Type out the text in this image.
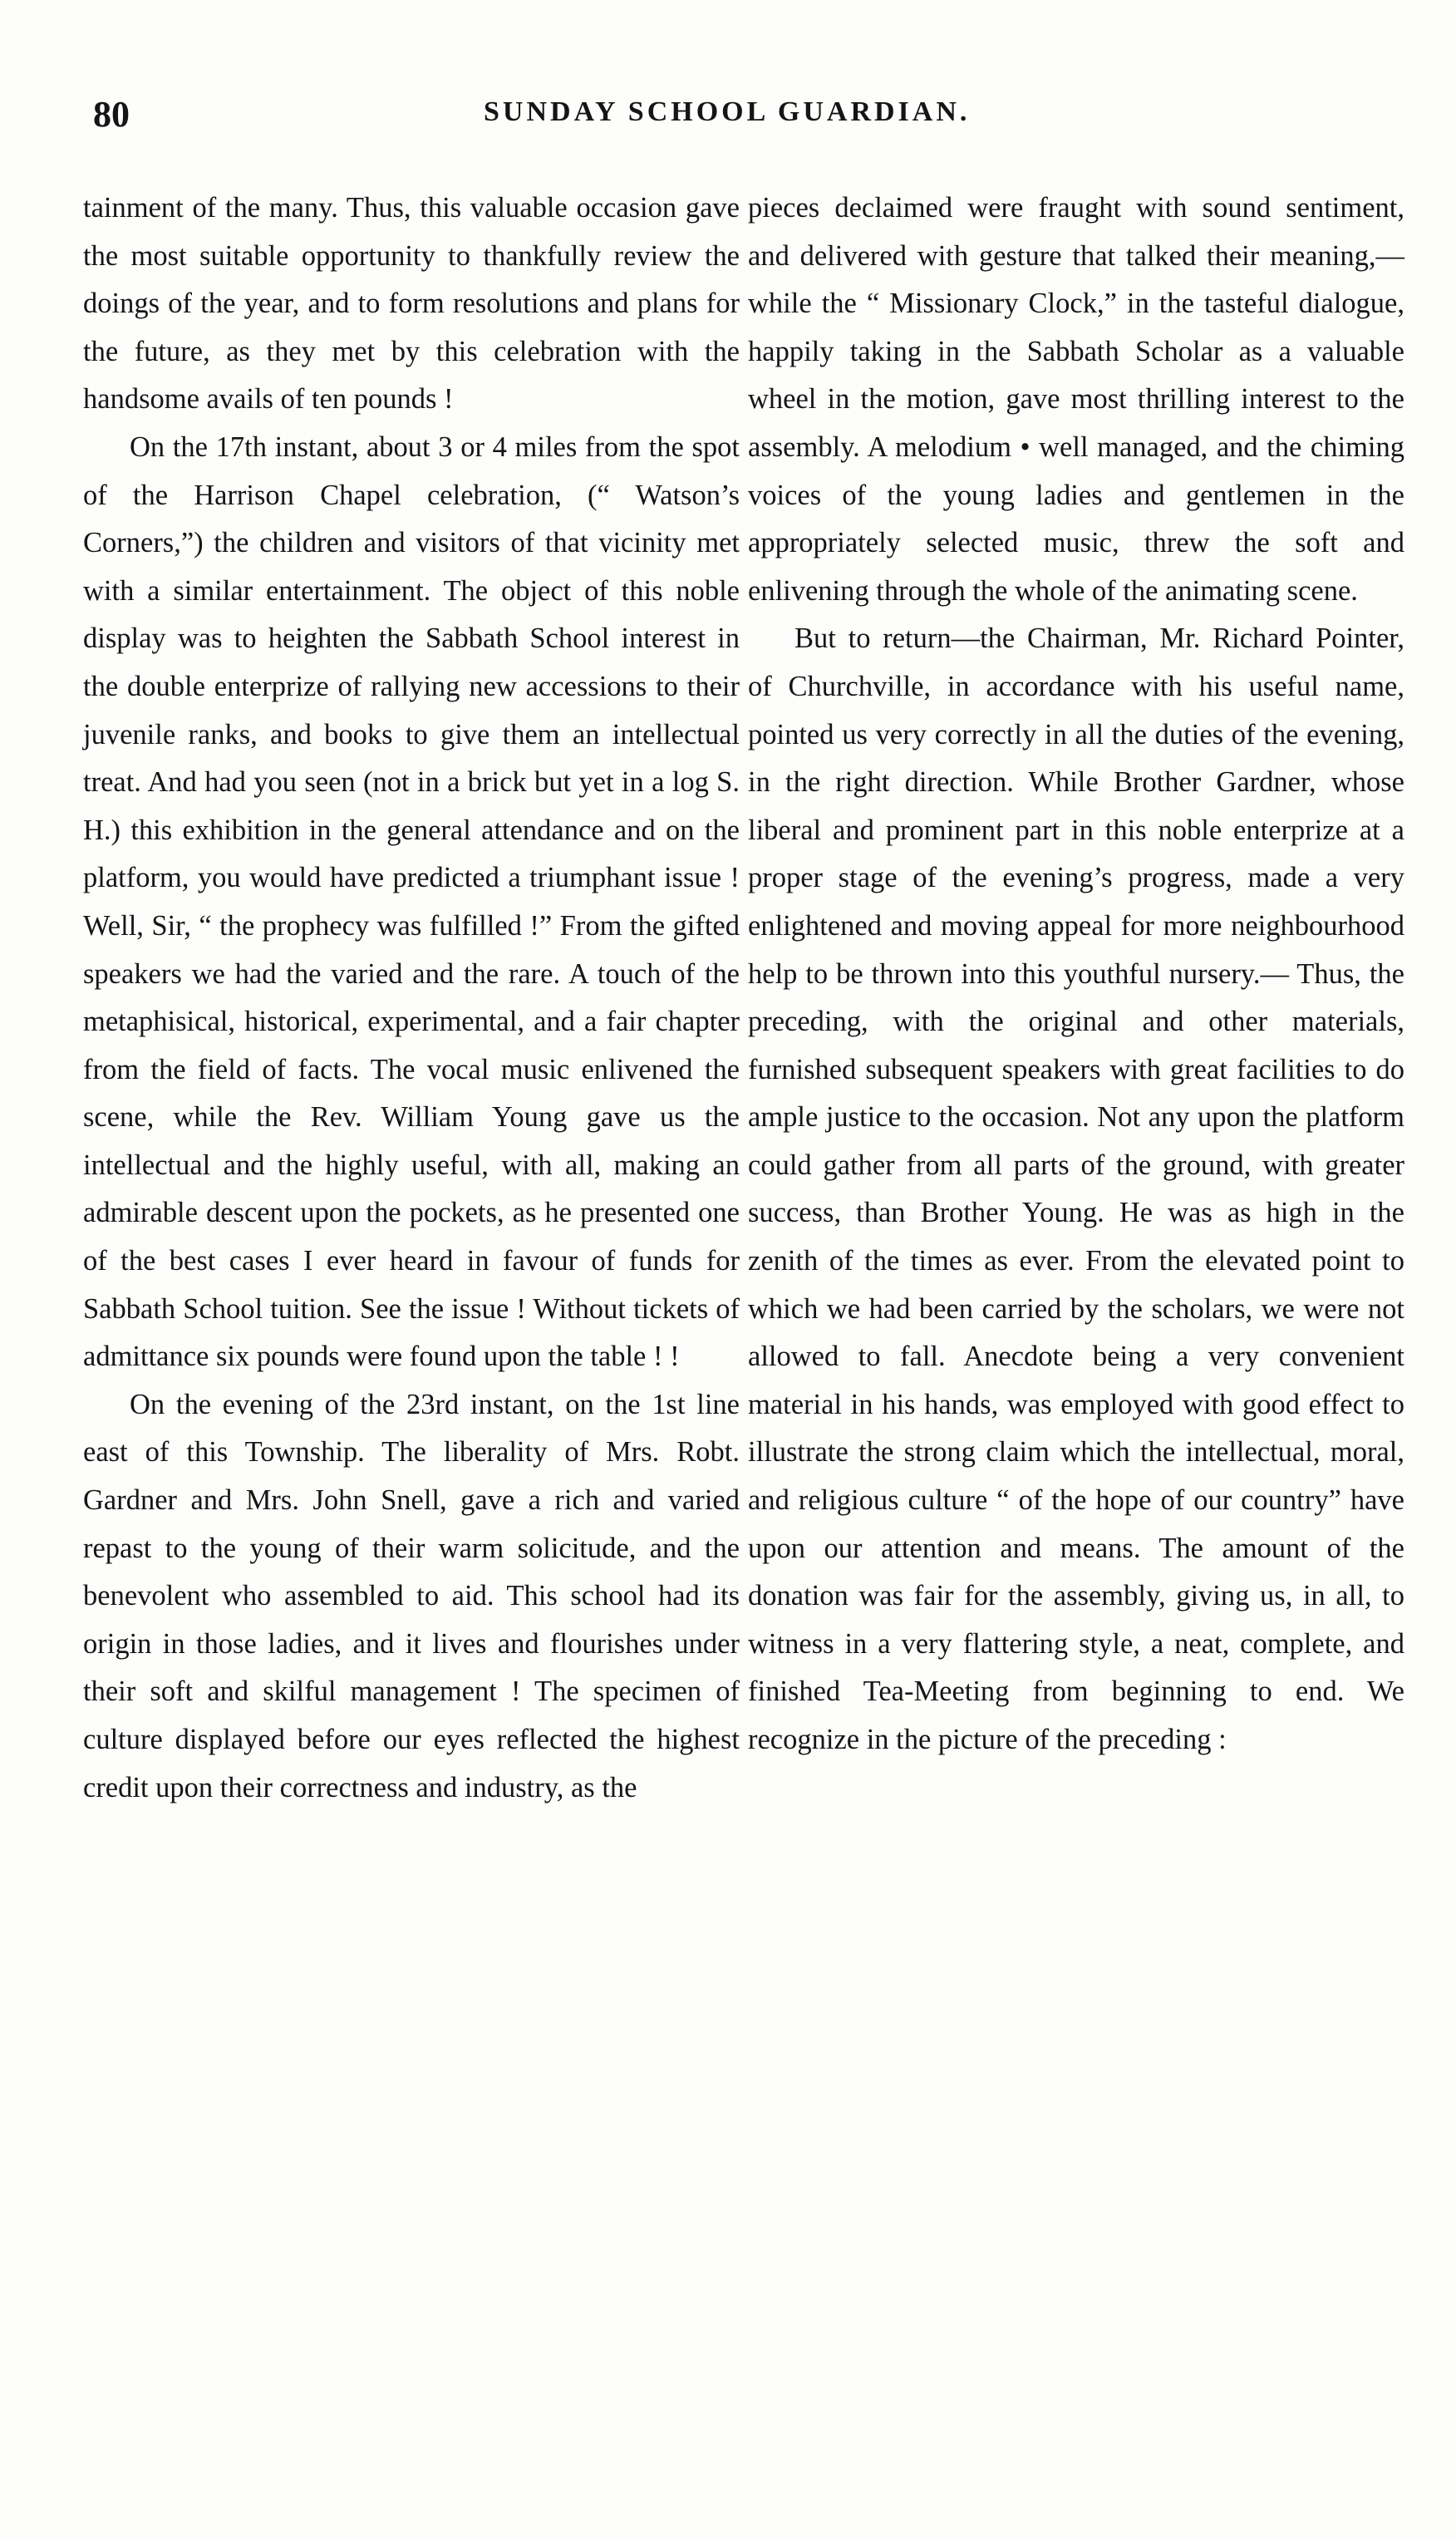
80	SUNDAY SCHOOL GUARDIAN.

tainment of the many. Thus, this valuable occasion gave the most suitable opportunity to thankfully review the doings of the year, and to form resolutions and plans for the future, as they met by this celebration with the handsome avails of ten pounds !

On the 17th instant, about 3 or 4 miles from the spot of the Harrison Chapel celebration, (“ Watson’s Corners,”) the children and visitors of that vicinity met with a similar entertainment. The object of this noble display was to heighten the Sabbath School interest in the double enterprize of rallying new accessions to their juvenile ranks, and books to give them an intellectual treat. And had you seen (not in a brick but yet in a log S. H.) this exhibition in the general attendance and on the platform, you would have predicted a triumphant issue ! Well, Sir, “ the prophecy was fulfilled !” From the gifted speakers we had the varied and the rare. A touch of the metaphisical, historical, experimental, and a fair chapter from the field of facts. The vocal music enlivened the scene, while the Rev. William Young gave us the intellectual and the highly useful, with all, making an admirable descent upon the pockets, as he presented one of the best cases I ever heard in favour of funds for Sabbath School tuition. See the issue ! Without tickets of admittance six pounds were found upon the table ! !

On the evening of the 23rd instant, on the 1st line east of this Township. The liberality of Mrs. Robt. Gardner and Mrs. John Snell, gave a rich and varied repast to the young of their warm solicitude, and the benevolent who assembled to aid. This school had its origin in those ladies, and it lives and flourishes under their soft and skilful management ! The specimen of culture displayed before our eyes reflected the highest credit upon their correctness and industry, as the

pieces declaimed were fraught with sound sentiment, and delivered with gesture that talked their meaning,— while the “ Missionary Clock,” in the tasteful dialogue, happily taking in the Sabbath Scholar as a valuable wheel in the motion, gave most thrilling interest to the assembly. A melodium • well managed, and the chiming voices of the young ladies and gentlemen in the appropriately selected music, threw the soft and enlivening through the whole of the animating scene.

But to return—the Chairman, Mr. Richard Pointer, of Churchville, in accordance with his useful name, pointed us very correctly in all the duties of the evening, in the right direction. While Brother Gardner, whose liberal and prominent part in this noble enterprize at a proper stage of the evening’s progress, made a very enlightened and moving appeal for more neighbourhood help to be thrown into this youthful nursery.— Thus, the preceding, with the original and other materials, furnished subsequent speakers with great facilities to do ample justice to the occasion. Not any upon the platform could gather from all parts of the ground, with greater success, than Brother Young. He was as high in the zenith of the times as ever. From the elevated point to which we had been carried by the scholars, we were not allowed to fall. Anecdote being a very convenient material in his hands, was employed with good effect to illustrate the strong claim which the intellectual, moral, and religious culture “ of the hope of our country” have upon our attention and means. The amount of the donation was fair for the assembly, giving us, in all, to witness in a very flattering style, a neat, complete, and finished Tea-Meeting from beginning to end. We recognize in the picture of the preceding :
